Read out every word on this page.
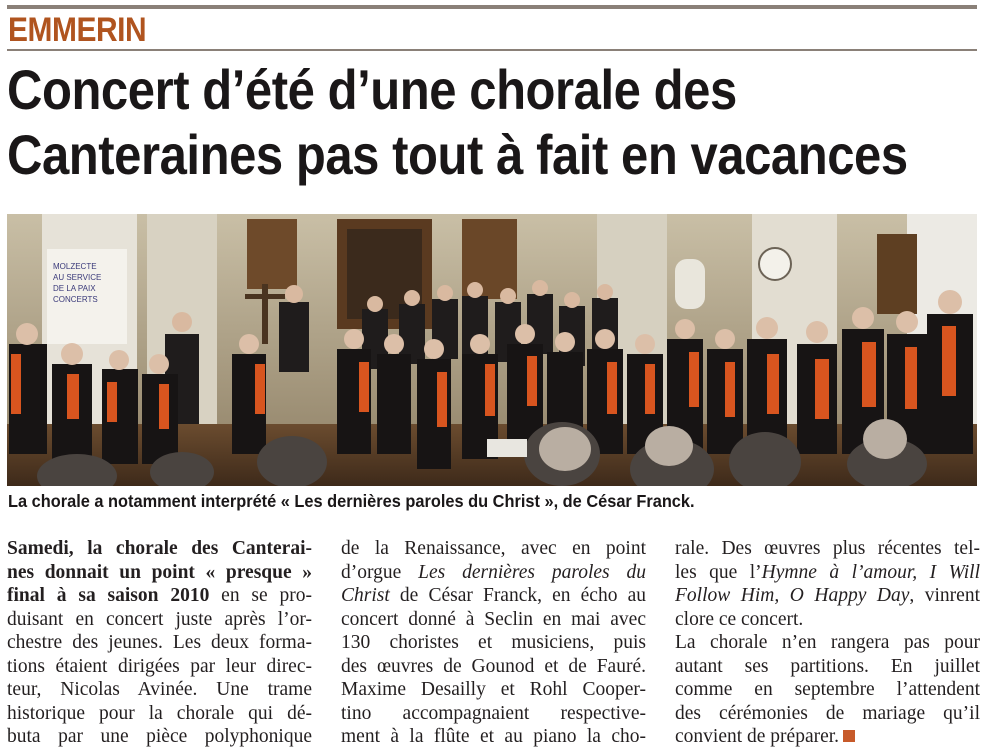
EMMERIN
Concert d’été d’une chorale des
Canteraines pas tout à fait en vacances
MOLZECTE
AU SERVICE
DE LA PAIX
CONCERTS
La chorale a notamment interprété « Les dernières paroles du Christ », de César Franck.
Samedi, la chorale des Canterai-
nes donnait un point « presque »
final à sa saison 2010 en se pro-
duisant en concert juste après l’or-
chestre des jeunes. Les deux forma-
tions étaient dirigées par leur direc-
teur, Nicolas Avinée. Une trame
historique pour la chorale qui dé-
buta par une pièce polyphonique
de la Renaissance, avec en point
d’orgue Les dernières paroles du
Christ de César Franck, en écho au
concert donné à Seclin en mai avec
130 choristes et musiciens, puis
des œuvres de Gounod et de Fauré.
Maxime Desailly et Rohl Cooper-
tino accompagnaient respective-
ment à la flûte et au piano la cho-
rale. Des œuvres plus récentes tel-
les que l’Hymne à l’amour, I Will
Follow Him, O Happy Day, vinrent
clore ce concert.
La chorale n’en rangera pas pour
autant ses partitions. En juillet
comme en septembre l’attendent
des cérémonies de mariage qu’il
convient de préparer.
